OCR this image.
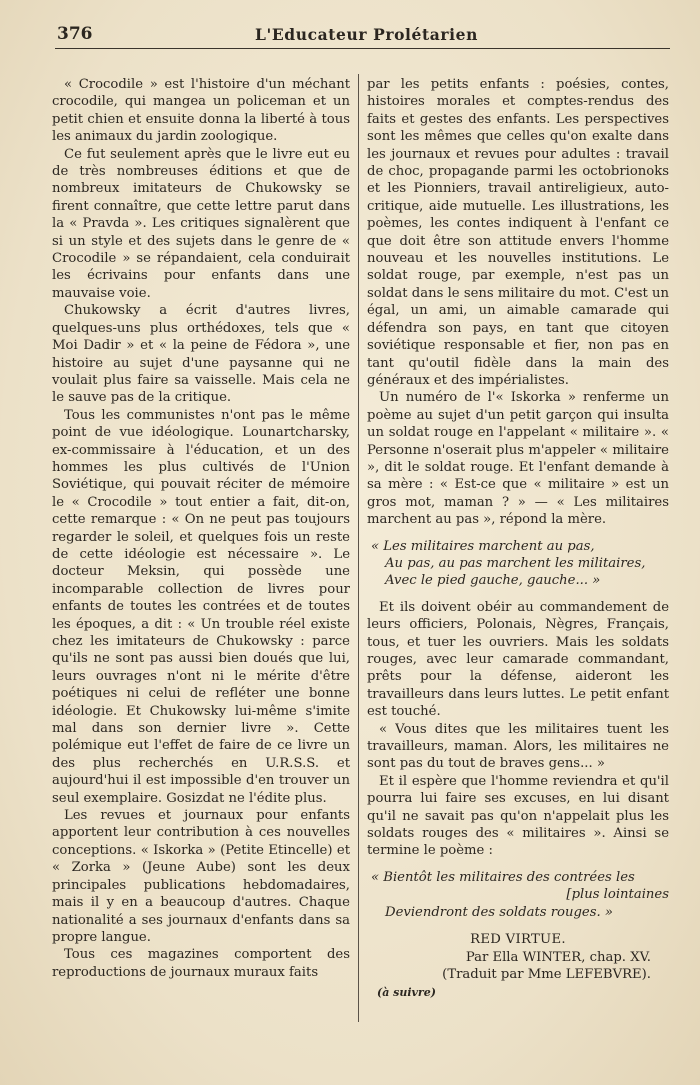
376	L'Educateur Prolétarien

« Crocodile » est l'histoire d'un méchant crocodile, qui mangea un policeman et un petit chien et ensuite donna la liberté à tous les animaux du jardin zoologique.

Ce fut seulement après que le livre eut eu de très nombreuses éditions et que de nombreux imitateurs de Chukowsky se firent connaître, que cette lettre parut dans la « Pravda ». Les critiques signalèrent que si un style et des sujets dans le genre de « Crocodile » se répandaient, cela conduirait les écrivains pour enfants dans une mauvaise voie.

Chukowsky a écrit d'autres livres, quelques-uns plus orthédoxes, tels que « Moi Dadir » et « la peine de Fédora », une histoire au sujet d'une paysanne qui ne voulait plus faire sa vaisselle. Mais cela ne le sauve pas de la critique.

Tous les communistes n'ont pas le même point de vue idéologique. Lounartcharsky, ex-commissaire à l'éducation, et un des hommes les plus cultivés de l'Union Soviétique, qui pouvait réciter de mémoire le « Crocodile » tout entier a fait, dit-on, cette remarque : « On ne peut pas toujours regarder le soleil, et quelques fois un reste de cette idéologie est nécessaire ». Le docteur Meksin, qui possède une incomparable collection de livres pour enfants de toutes les contrées et de toutes les époques, a dit : « Un trouble réel existe chez les imitateurs de Chukowsky : parce qu'ils ne sont pas aussi bien doués que lui, leurs ouvrages n'ont ni le mérite d'être poétiques ni celui de refléter une bonne idéologie. Et Chukowsky lui-même s'imite mal dans son dernier livre ». Cette polémique eut l'effet de faire de ce livre un des plus recherchés en U.R.S.S. et aujourd'hui il est impossible d'en trouver un seul exemplaire. Gosizdat ne l'édite plus.

Les revues et journaux pour enfants apportent leur contribution à ces nouvelles conceptions. « Iskorka » (Petite Etincelle) et « Zorka » (Jeune Aube) sont les deux principales publications hebdomadaires, mais il y en a beaucoup d'autres. Chaque nationalité a ses journaux d'enfants dans sa propre langue.

Tous ces magazines comportent des reproductions de journaux muraux faits

par les petits enfants : poésies, contes, histoires morales et comptes-rendus des faits et gestes des enfants. Les perspectives sont les mêmes que celles qu'on exalte dans les journaux et revues pour adultes : travail de choc, propagande parmi les octobrionoks et les Pionniers, travail antireligieux, auto-critique, aide mutuelle. Les illustrations, les poèmes, les contes indiquent à l'enfant ce que doit être son attitude envers l'homme nouveau et les nouvelles institutions. Le soldat rouge, par exemple, n'est pas un soldat dans le sens militaire du mot. C'est un égal, un ami, un aimable camarade qui défendra son pays, en tant que citoyen soviétique responsable et fier, non pas en tant qu'outil fidèle dans la main des généraux et des impérialistes.

Un numéro de l'« Iskorka » renferme un poème au sujet d'un petit garçon qui insulta un soldat rouge en l'appelant « militaire ». « Personne n'oserait plus m'appeler « militaire », dit le soldat rouge. Et l'enfant demande à sa mère : « Est-ce que « militaire » est un gros mot, maman ? » — « Les militaires marchent au pas », répond la mère.

« Les militaires marchent au pas,
Au pas, au pas marchent les militaires,
Avec le pied gauche, gauche... »

Et ils doivent obéir au commandement de leurs officiers, Polonais, Nègres, Français, tous, et tuer les ouvriers. Mais les soldats rouges, avec leur camarade commandant, prêts pour la défense, aideront les travailleurs dans leurs luttes. Le petit enfant est touché.

« Vous dites que les militaires tuent les travailleurs, maman. Alors, les militaires ne sont pas du tout de braves gens... »

Et il espère que l'homme reviendra et qu'il pourra lui faire ses excuses, en lui disant qu'il ne savait pas qu'on n'appelait plus les soldats rouges des « militaires ». Ainsi se termine le poème :

« Bientôt les militaires des contrées les
[plus lointaines
Deviendront des soldats rouges. »
RED VIRTUE.
Par Ella WINTER, chap. XV.
(Traduit par Mme LEFEBVRE).
(à suivre)
